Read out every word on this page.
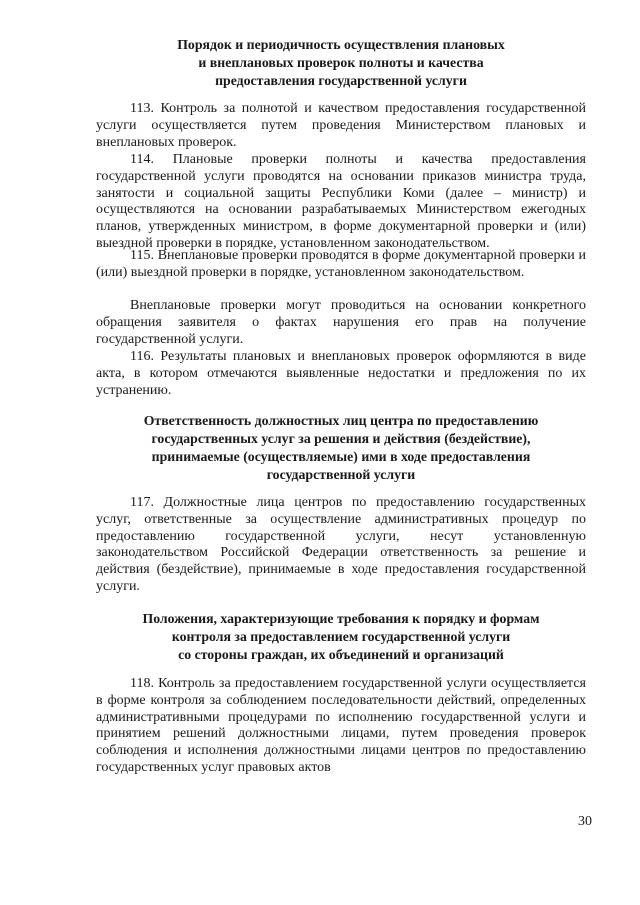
Порядок и периодичность осуществления плановых
и внеплановых проверок полноты и качества
предоставления государственной услуги

113. Контроль за полнотой и качеством предоставления государственной услуги осуществляется путем проведения Министерством плановых и внеплановых проверок.

114. Плановые проверки полноты и качества предоставления государственной услуги проводятся на основании приказов министра труда, занятости и социальной защиты Республики Коми (далее – министр) и осуществляются на основании разрабатываемых Министерством ежегодных планов, утвержденных министром, в форме документарной проверки и (или) выездной проверки в порядке, установленном законодательством.

115. Внеплановые проверки проводятся в форме документарной проверки и (или) выездной проверки в порядке, установленном законодательством.

Внеплановые проверки могут проводиться на основании конкретного обращения заявителя о фактах нарушения его прав на получение государственной услуги.

116. Результаты плановых и внеплановых проверок оформляются в виде акта, в котором отмечаются выявленные недостатки и предложения по их устранению.

Ответственность должностных лиц центра по предоставлению
государственных услуг за решения и действия (бездействие),
принимаемые (осуществляемые) ими в ходе предоставления
государственной услуги

117. Должностные лица центров по предоставлению государственных услуг, ответственные за осуществление административных процедур по предоставлению государственной услуги, несут установленную законодательством Российской Федерации ответственность за решение и действия (бездействие), принимаемые в ходе предоставления государственной услуги.

Положения, характеризующие требования к порядку и формам
контроля за предоставлением государственной услуги
со стороны граждан, их объединений и организаций

118. Контроль за предоставлением государственной услуги осуществляется в форме контроля за соблюдением последовательности действий, определенных административными процедурами по исполнению государственной услуги и принятием решений должностными лицами, путем проведения проверок соблюдения и исполнения должностными лицами центров по предоставлению государственных услуг правовых актов

30
